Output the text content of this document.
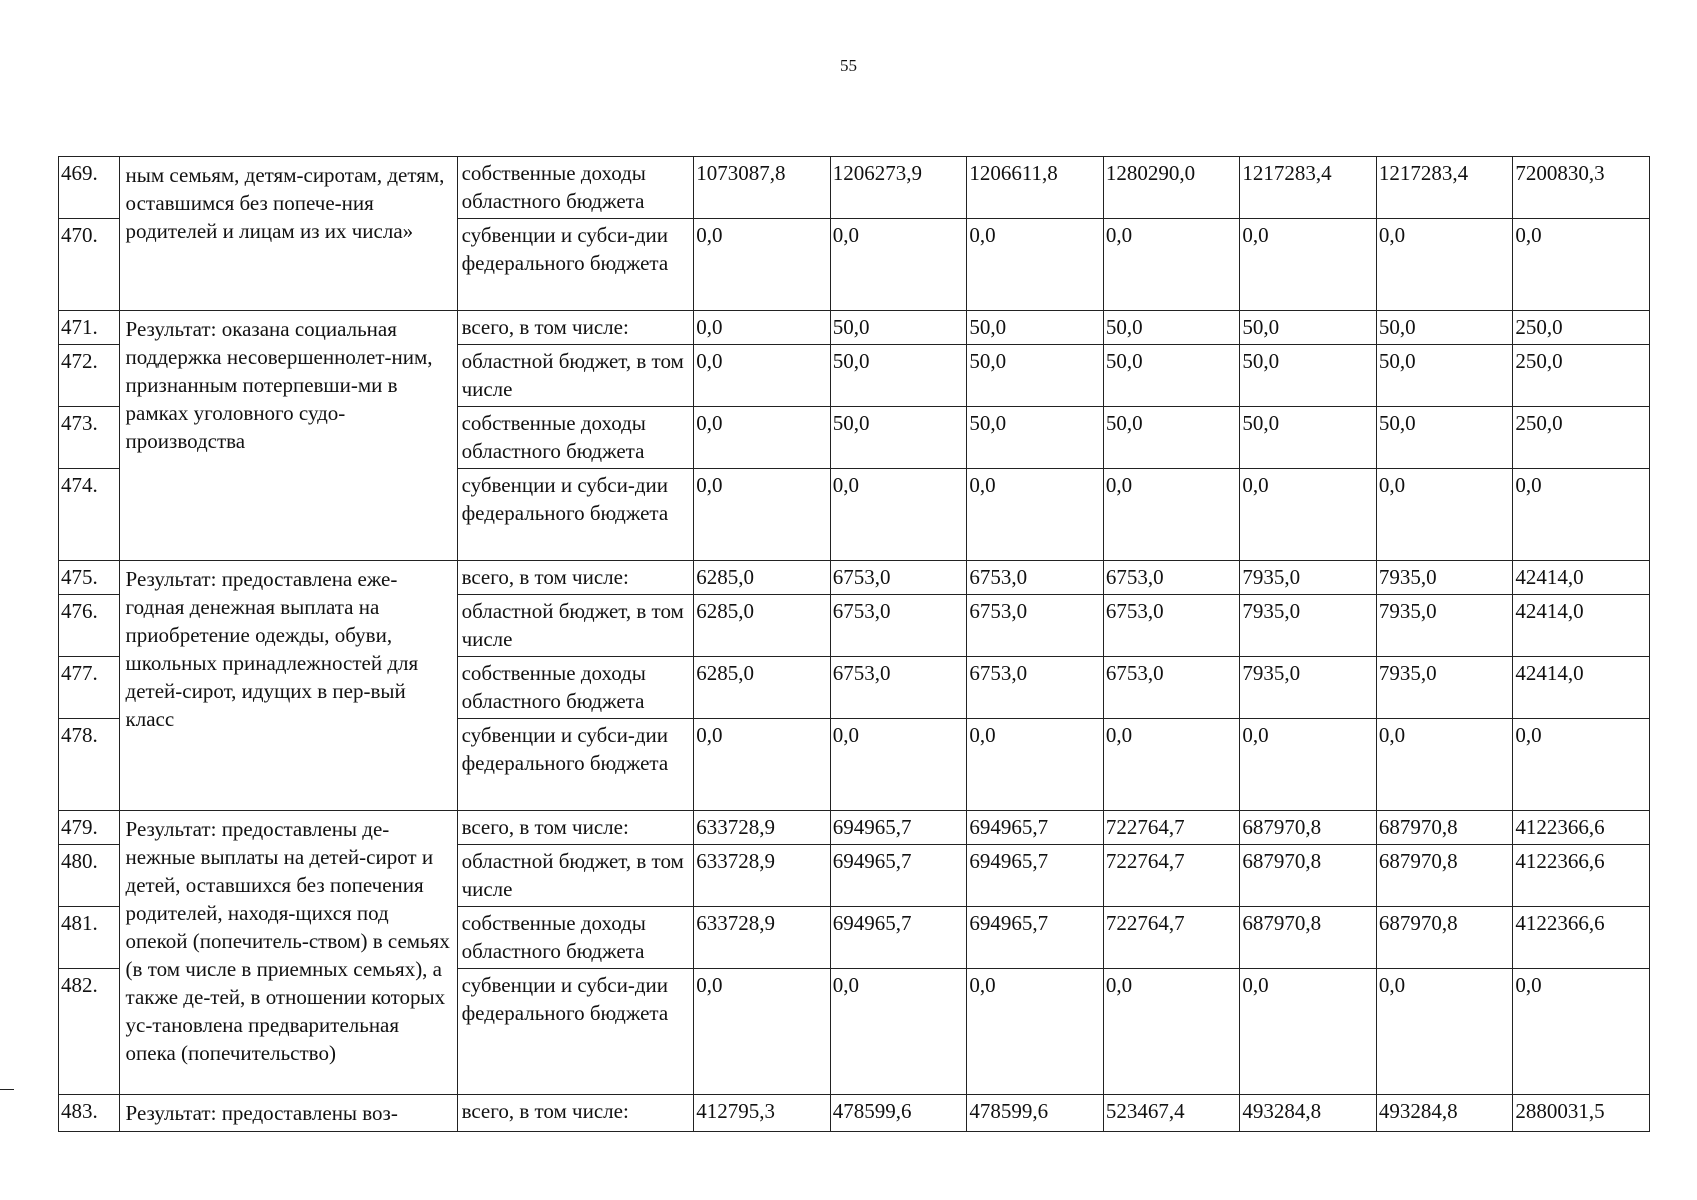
55
469.	ным семьям, детям-сиротам, детям, оставшимся без попече-ния родителей и лицам из их числа»	собственные доходы областного бюджета	1073087,8	1206273,9	1206611,8	1280290,0	1217283,4	1217283,4	7200830,3
470.		субвенции и субси-дии федерального бюджета	0,0	0,0	0,0	0,0	0,0	0,0	0,0
471.	Результат: оказана социальная поддержка несовершеннолет-ним, признанным потерпевши-ми в рамках уголовного судо-производства	всего, в том числе:	0,0	50,0	50,0	50,0	50,0	50,0	250,0
472.		областной бюджет, в том числе	0,0	50,0	50,0	50,0	50,0	50,0	250,0
473.		собственные доходы областного бюджета	0,0	50,0	50,0	50,0	50,0	50,0	250,0
474.		субвенции и субси-дии федерального бюджета	0,0	0,0	0,0	0,0	0,0	0,0	0,0
475.	Результат: предоставлена еже-годная денежная выплата на приобретение одежды, обуви, школьных принадлежностей для детей-сирот, идущих в пер-вый класс	всего, в том числе:	6285,0	6753,0	6753,0	6753,0	7935,0	7935,0	42414,0
476.		областной бюджет, в том числе	6285,0	6753,0	6753,0	6753,0	7935,0	7935,0	42414,0
477.		собственные доходы областного бюджета	6285,0	6753,0	6753,0	6753,0	7935,0	7935,0	42414,0
478.		субвенции и субси-дии федерального бюджета	0,0	0,0	0,0	0,0	0,0	0,0	0,0
479.	Результат: предоставлены де-нежные выплаты на детей-сирот и детей, оставшихся без попечения родителей, находя-щихся под опекой (попечитель-ством) в семьях (в том числе в приемных семьях), а также де-тей, в отношении которых ус-тановлена предварительная опека (попечительство)	всего, в том числе:	633728,9	694965,7	694965,7	722764,7	687970,8	687970,8	4122366,6
480.		областной бюджет, в том числе	633728,9	694965,7	694965,7	722764,7	687970,8	687970,8	4122366,6
481.		собственные доходы областного бюджета	633728,9	694965,7	694965,7	722764,7	687970,8	687970,8	4122366,6
482.		субвенции и субси-дии федерального бюджета	0,0	0,0	0,0	0,0	0,0	0,0	0,0
483.	Результат: предоставлены воз-	всего, в том числе:	412795,3	478599,6	478599,6	523467,4	493284,8	493284,8	2880031,5
